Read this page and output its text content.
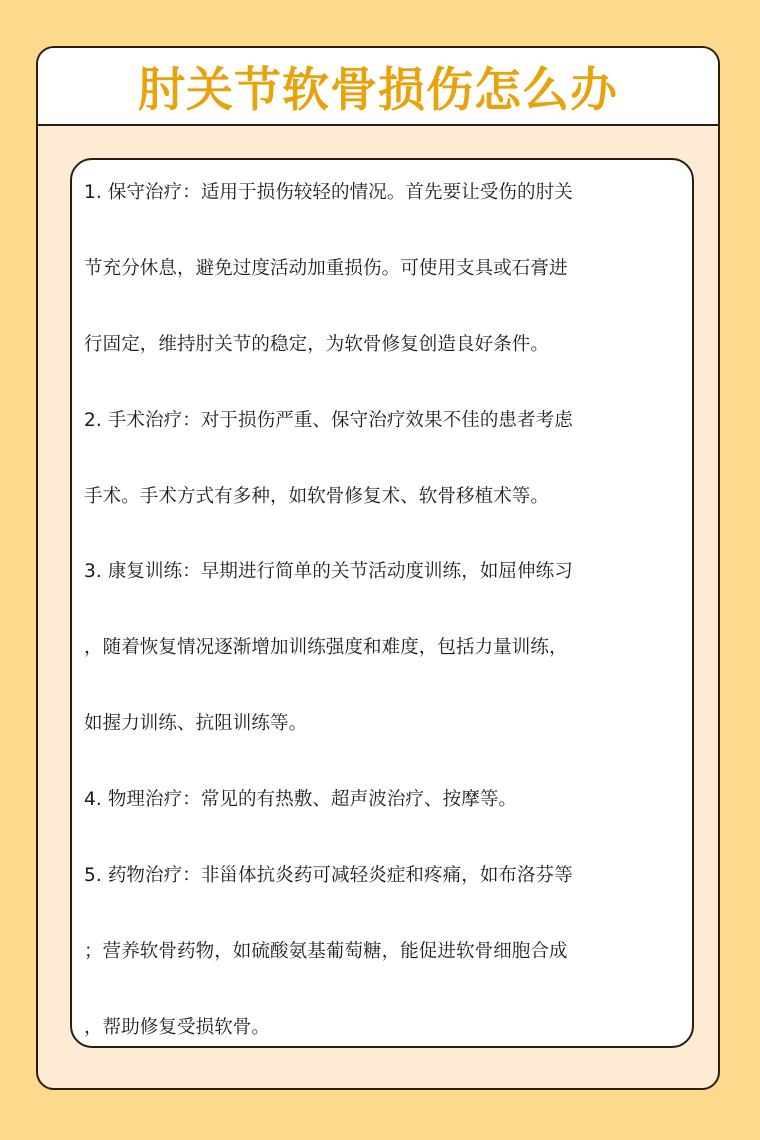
肘关节软骨损伤怎么办
1. 保守治疗：适用于损伤较轻的情况。首先要让受伤的肘关
节充分休息，避免过度活动加重损伤。可使用支具或石膏进
行固定，维持肘关节的稳定，为软骨修复创造良好条件。
2. 手术治疗：对于损伤严重、保守治疗效果不佳的患者考虑
手术。手术方式有多种，如软骨修复术、软骨移植术等。
3. 康复训练：早期进行简单的关节活动度训练，如屈伸练习
，随着恢复情况逐渐增加训练强度和难度，包括力量训练，
如握力训练、抗阻训练等。
4. 物理治疗：常见的有热敷、超声波治疗、按摩等。
5. 药物治疗：非甾体抗炎药可减轻炎症和疼痛，如布洛芬等
；营养软骨药物，如硫酸氨基葡萄糖，能促进软骨细胞合成
，帮助修复受损软骨。
